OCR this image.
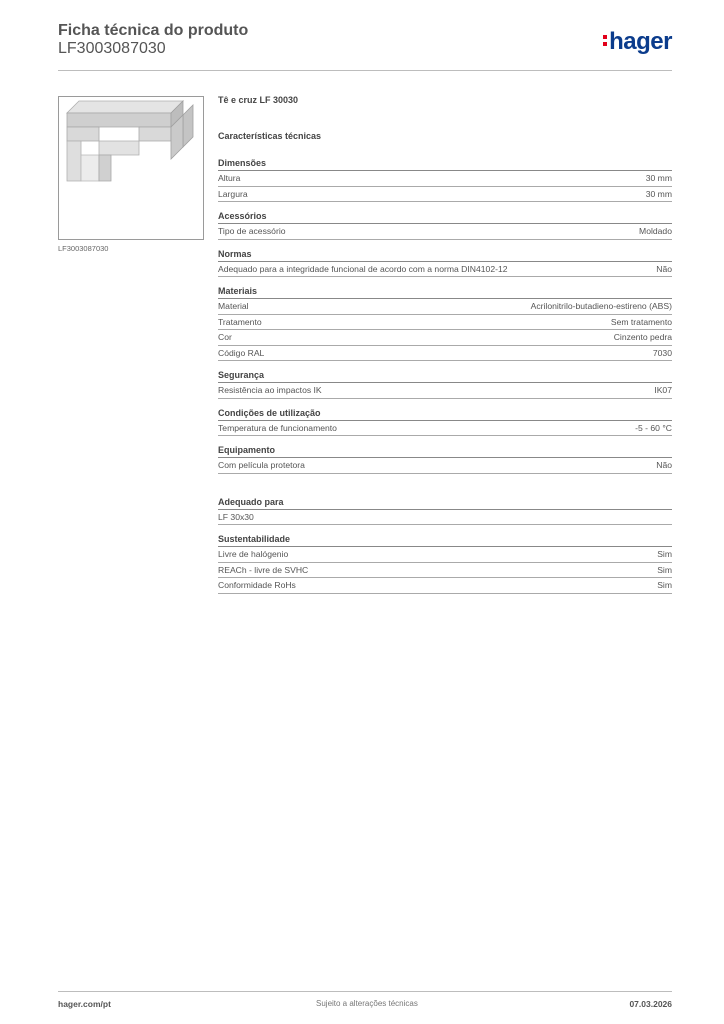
Ficha técnica do produto
LF3003087030	hager
LF3003087030
Tê e cruz LF 30030
Características técnicas
Dimensões
Altura	30 mm
Largura	30 mm
Acessórios
Tipo de acessório	Moldado
Normas
Adequado para a integridade funcional de acordo com a norma DIN4102-12	Não
Materiais
Material	Acrilonitrilo-butadieno-estireno (ABS)
Tratamento	Sem tratamento
Cor	Cinzento pedra
Código RAL	7030
Segurança
Resistência ao impactos IK	IK07
Condições de utilização
Temperatura de funcionamento	-5 - 60 °C
Equipamento
Com película protetora	Não
Adequado para
LF 30x30
Sustentabilidade
Livre de halógenio	Sim
REACh - livre de SVHC	Sim
Conformidade RoHs	Sim
hager.com/pt	Sujeito a alterações técnicas	07.03.2026
